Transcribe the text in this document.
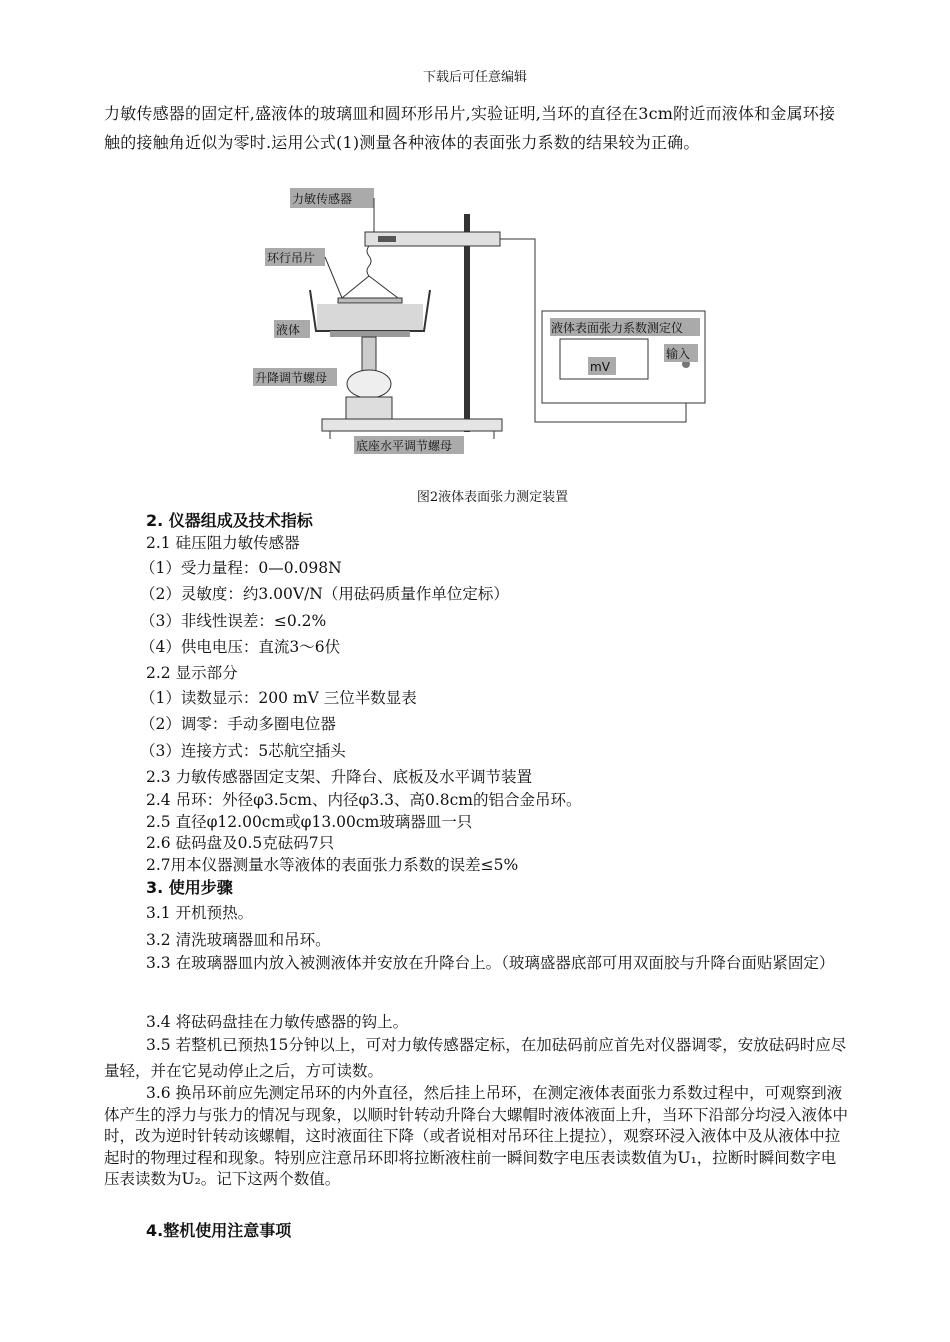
下载后可任意编辑
力敏传感器的固定杆,盛液体的玻璃皿和圆环形吊片,实验证明,当环的直径在3cm附近而液体和金属环接触的接触角近似为零时.运用公式(1)测量各种液体的表面张力系数的结果较为正确。
力敏传感器
环行吊片
液体
升降调节螺母
底座水平调节螺母
液体表面张力系数测定仪
mV
输入
图2液体表面张力测定装置
2. 仪器组成及技术指标
2.1 硅压阻力敏传感器
（1）受力量程：0—0.098N
（2）灵敏度：约3.00V/N（用砝码质量作单位定标）
（3）非线性误差：≤0.2%
（4）供电电压：直流3～6伏
2.2 显示部分
（1）读数显示：200 mV 三位半数显表
（2）调零：手动多圈电位器
（3）连接方式：5芯航空插头
2.3 力敏传感器固定支架、升降台、底板及水平调节装置
2.4 吊环：外径φ3.5cm、内径φ3.3、高0.8cm的铝合金吊环。
2.5 直径φ12.00cm或φ13.00cm玻璃器皿一只
2.6 砝码盘及0.5克砝码7只
2.7用本仪器测量水等液体的表面张力系数的误差≤5%
3. 使用步骤
3.1 开机预热。
3.2 清洗玻璃器皿和吊环。
3.3 在玻璃器皿内放入被测液体并安放在升降台上。（玻璃盛器底部可用双面胶与升降台面贴紧固定）
3.4 将砝码盘挂在力敏传感器的钩上。
3.5 若整机已预热15分钟以上，可对力敏传感器定标，在加砝码前应首先对仪器调零，安放砝码时应尽量轻，并在它晃动停止之后，方可读数。
3.6 换吊环前应先测定吊环的内外直径，然后挂上吊环，在测定液体表面张力系数过程中，可观察到液体产生的浮力与张力的情况与现象，以顺时针转动升降台大螺帽时液体液面上升，当环下沿部分均浸入液体中时，改为逆时针转动该螺帽，这时液面往下降（或者说相对吊环往上提拉），观察环浸入液体中及从液体中拉起时的物理过程和现象。特别应注意吊环即将拉断液柱前一瞬间数字电压表读数值为U₁，拉断时瞬间数字电压表读数为U₂。记下这两个数值。
4.整机使用注意事项
